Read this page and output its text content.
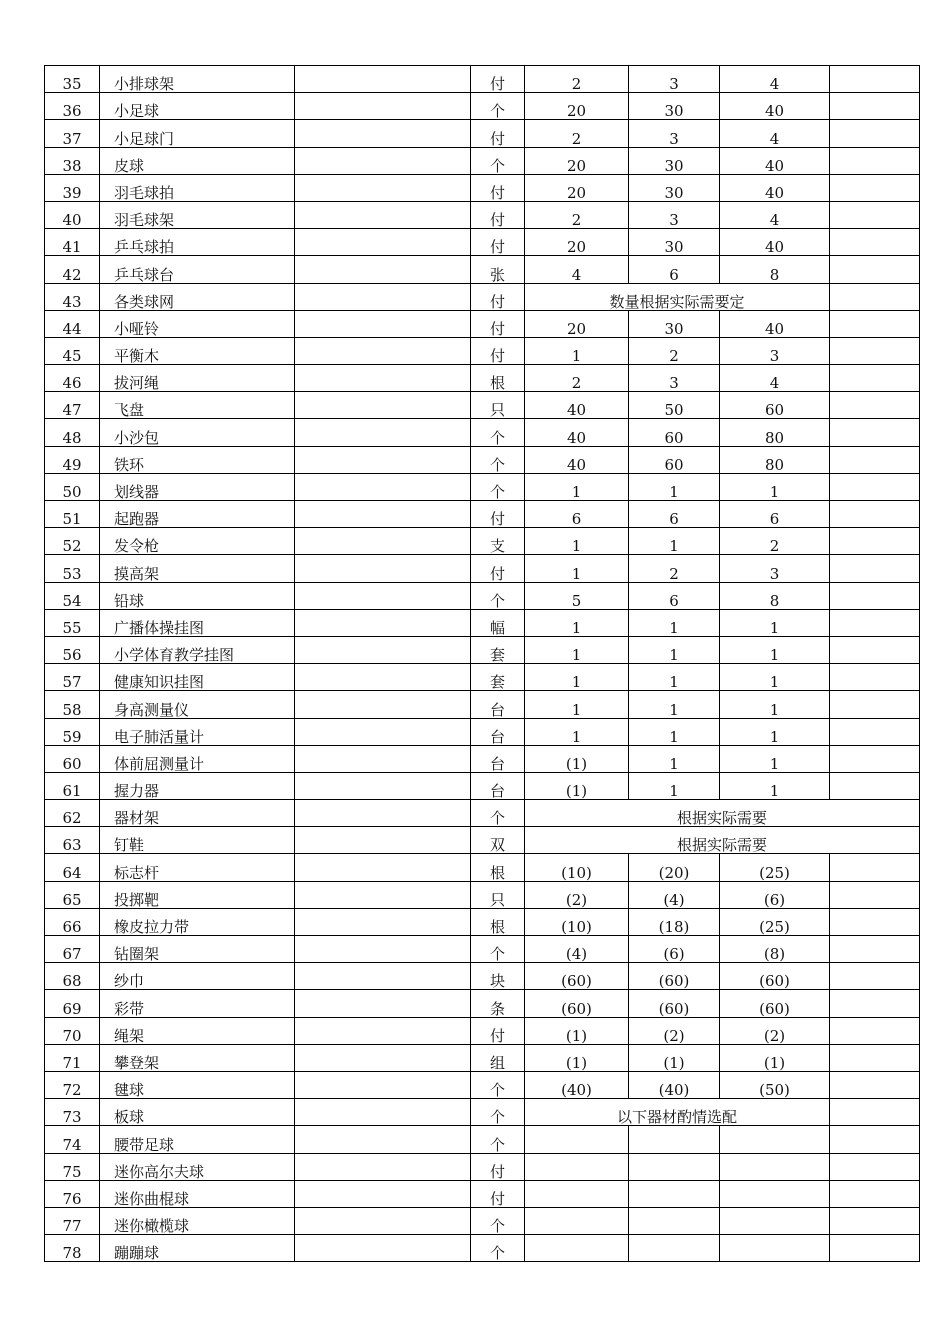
35	小排球架		付	2	3	4	
36	小足球		个	20	30	40	
37	小足球门		付	2	3	4	
38	皮球		个	20	30	40	
39	羽毛球拍		付	20	30	40	
40	羽毛球架		付	2	3	4	
41	乒乓球拍		付	20	30	40	
42	乒乓球台		张	4	6	8	
43	各类球网		付	数量根据实际需要定			
44	小哑铃		付	20	30	40	
45	平衡木		付	1	2	3	
46	拔河绳		根	2	3	4	
47	飞盘		只	40	50	60	
48	小沙包		个	40	60	80	
49	铁环		个	40	60	80	
50	划线器		个	1	1	1	
51	起跑器		付	6	6	6	
52	发令枪		支	1	1	2	
53	摸高架		付	1	2	3	
54	铅球		个	5	6	8	
55	广播体操挂图		幅	1	1	1	
56	小学体育教学挂图		套	1	1	1	
57	健康知识挂图		套	1	1	1	
58	身高测量仪		台	1	1	1	
59	电子肺活量计		台	1	1	1	
60	体前屈测量计		台	(1)	1	1	
61	握力器		台	(1)	1	1	
62	器材架		个	根据实际需要			
63	钉鞋		双	根据实际需要			
64	标志杆		根	(10)	(20)	(25)	
65	投掷靶		只	(2)	(4)	(6)	
66	橡皮拉力带		根	(10)	(18)	(25)	
67	钻圈架		个	(4)	(6)	(8)	
68	纱巾		块	(60)	(60)	(60)	
69	彩带		条	(60)	(60)	(60)	
70	绳架		付	(1)	(2)	(2)	
71	攀登架		组	(1)	(1)	(1)	
72	毽球		个	(40)	(40)	(50)	
73	板球		个	以下器材酌情选配			
74	腰带足球		个				
75	迷你高尔夫球		付				
76	迷你曲棍球		付				
77	迷你橄榄球		个				
78	蹦蹦球		个				
